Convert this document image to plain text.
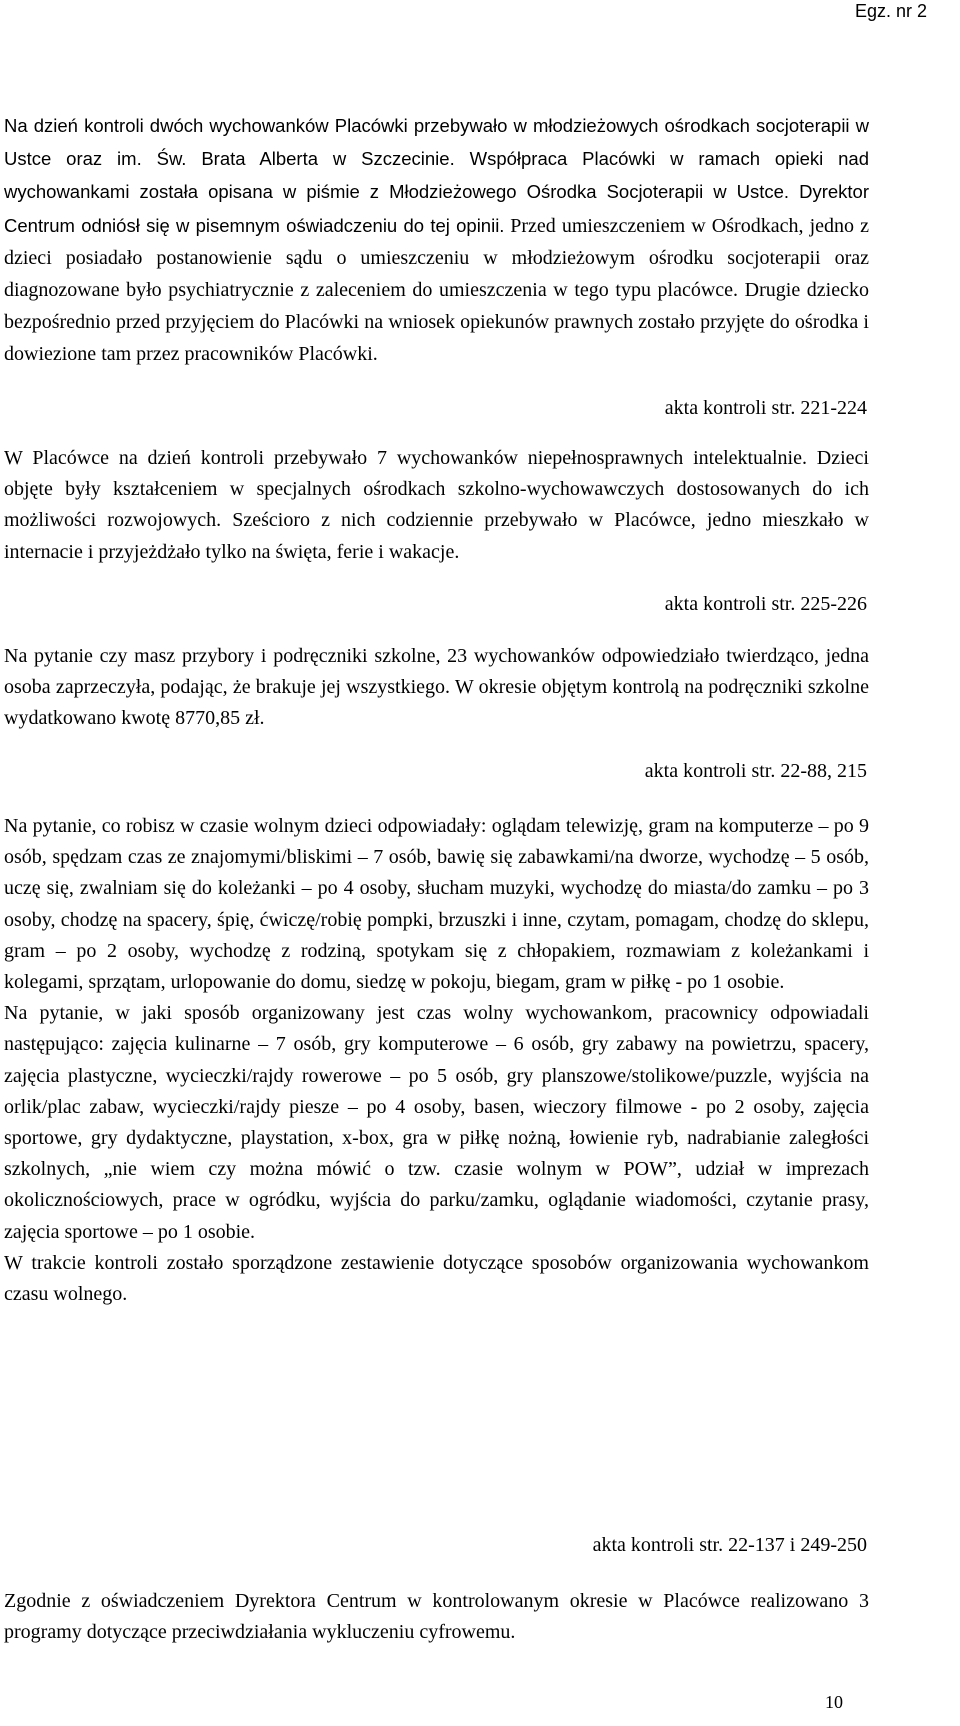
Egz. nr 2

Na dzień kontroli dwóch wychowanków Placówki przebywało w młodzieżowych ośrodkach socjoterapii w Ustce oraz im. Św. Brata Alberta w Szczecinie. Współpraca Placówki w ramach opieki nad wychowankami została opisana w piśmie z Młodzieżowego Ośrodka Socjoterapii w Ustce. Dyrektor Centrum odniósł się w pisemnym oświadczeniu do tej opinii. Przed umieszczeniem w Ośrodkach, jedno z dzieci posiadało postanowienie sądu o umieszczeniu w młodzieżowym ośrodku socjoterapii oraz diagnozowane było psychiatrycznie z zaleceniem do umieszczenia w tego typu placówce. Drugie dziecko bezpośrednio przed przyjęciem do Placówki na wniosek opiekunów prawnych zostało przyjęte do ośrodka i dowiezione tam przez pracowników Placówki.

akta kontroli str. 221-224

W Placówce na dzień kontroli przebywało 7 wychowanków niepełnosprawnych intelektualnie. Dzieci objęte były kształceniem w specjalnych ośrodkach szkolno-wychowawczych dostosowanych do ich możliwości rozwojowych. Sześcioro z nich codziennie przebywało w Placówce, jedno mieszkało w internacie i przyjeżdżało tylko na święta, ferie i wakacje.

akta kontroli str. 225-226

Na pytanie czy masz przybory i podręczniki szkolne, 23 wychowanków odpowiedziało twierdząco, jedna osoba zaprzeczyła, podając, że brakuje jej wszystkiego. W okresie objętym kontrolą na podręczniki szkolne wydatkowano kwotę 8770,85 zł.

akta kontroli str. 22-88, 215

Na pytanie, co robisz w czasie wolnym dzieci odpowiadały: oglądam telewizję, gram na komputerze – po 9 osób, spędzam czas ze znajomymi/bliskimi – 7 osób, bawię się zabawkami/na dworze, wychodzę – 5 osób, uczę się, zwalniam się do koleżanki – po 4 osoby, słucham muzyki, wychodzę do miasta/do zamku – po 3 osoby, chodzę na spacery, śpię, ćwiczę/robię pompki, brzuszki i inne, czytam, pomagam, chodzę do sklepu, gram – po 2 osoby, wychodzę z rodziną, spotykam się z chłopakiem, rozmawiam z koleżankami i kolegami, sprzątam, urlopowanie do domu, siedzę w pokoju, biegam, gram w piłkę - po 1 osobie.

Na pytanie, w jaki sposób organizowany jest czas wolny wychowankom, pracownicy odpowiadali następująco: zajęcia kulinarne – 7 osób, gry komputerowe – 6 osób, gry zabawy na powietrzu, spacery, zajęcia plastyczne, wycieczki/rajdy rowerowe – po 5 osób, gry planszowe/stolikowe/puzzle, wyjścia na orlik/plac zabaw, wycieczki/rajdy piesze – po 4 osoby, basen, wieczory filmowe - po 2 osoby, zajęcia sportowe, gry dydaktyczne, playstation, x-box, gra w piłkę nożną, łowienie ryb, nadrabianie zaległości szkolnych, „nie wiem czy można mówić o tzw. czasie wolnym w POW”, udział w imprezach okolicznościowych, prace w ogródku, wyjścia do parku/zamku, oglądanie wiadomości, czytanie prasy, zajęcia sportowe – po 1 osobie.

W trakcie kontroli zostało sporządzone zestawienie dotyczące sposobów organizowania wychowankom czasu wolnego.

akta kontroli str. 22-137 i 249-250

Zgodnie z oświadczeniem Dyrektora Centrum w kontrolowanym okresie w Placówce realizowano 3 programy dotyczące przeciwdziałania wykluczeniu cyfrowemu.

10
